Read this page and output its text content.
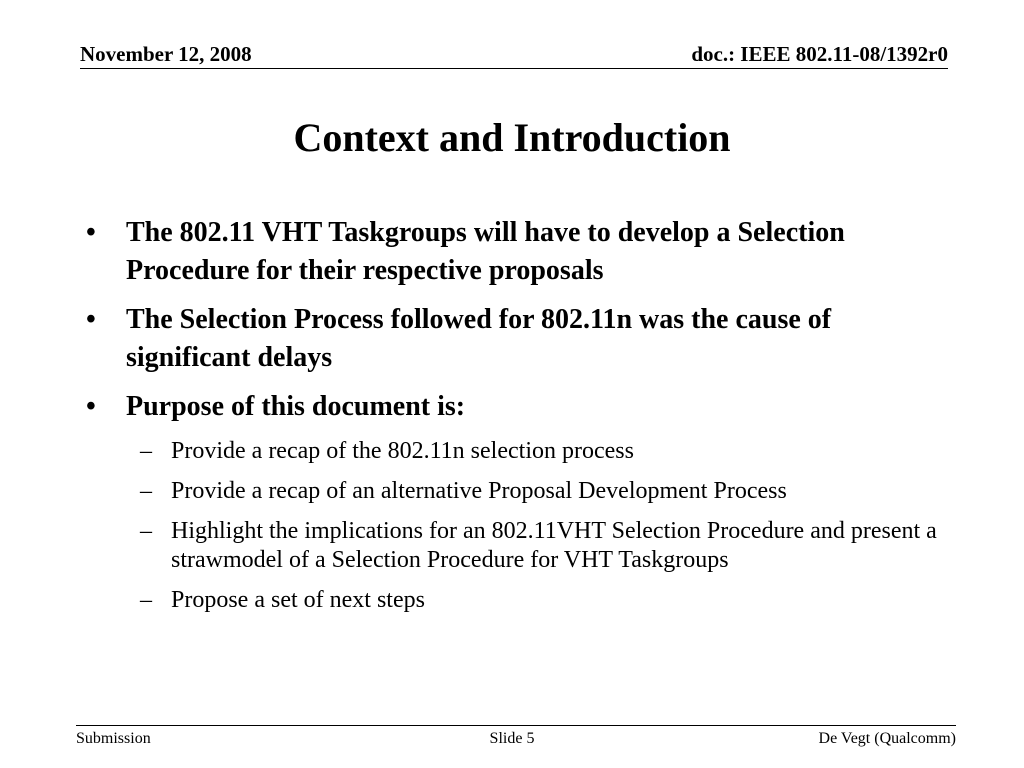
November 12, 2008	doc.: IEEE 802.11-08/1392r0
Context and Introduction
• The 802.11 VHT Taskgroups will have to develop a Selection Procedure for their respective proposals
• The Selection Process followed for 802.11n was the cause of significant delays
• Purpose of this document is:
– Provide a recap of the 802.11n selection process
– Provide a recap of an alternative Proposal Development Process
– Highlight the implications for an 802.11VHT Selection Procedure and present a strawmodel of a Selection Procedure for VHT Taskgroups
– Propose a set of next steps
Submission	Slide 5	De Vegt (Qualcomm)
